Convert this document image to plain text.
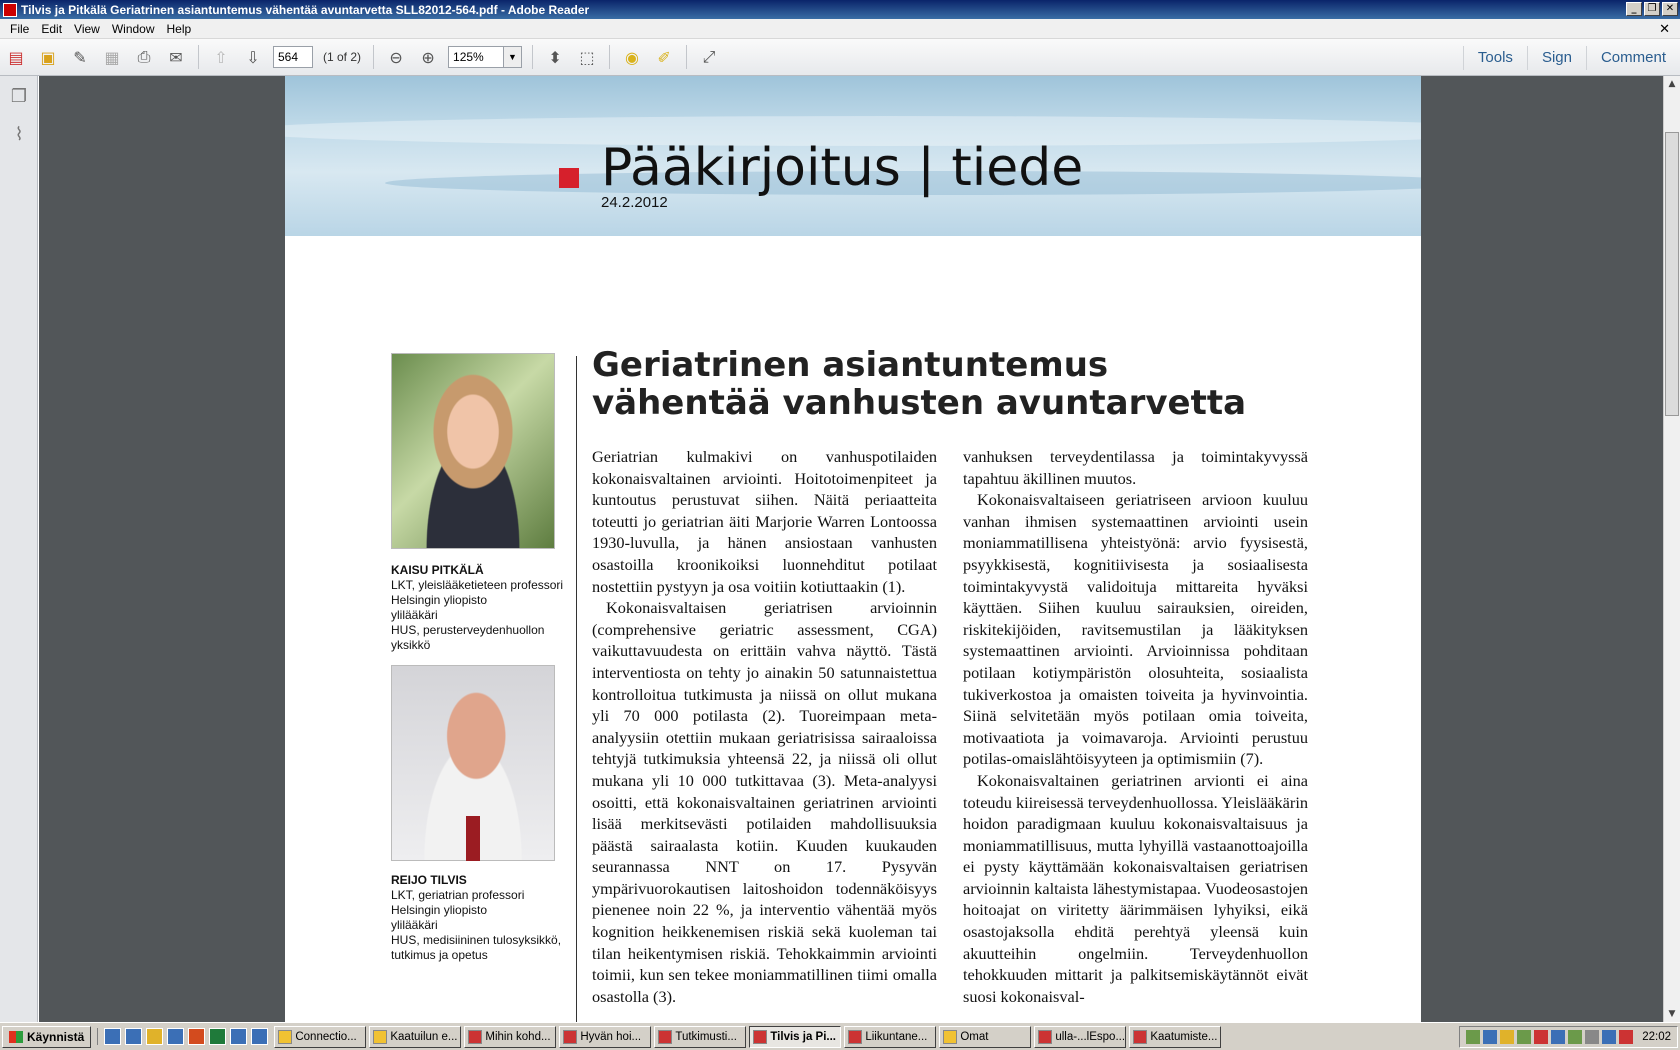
Tilvis ja Pitkälä Geriatrinen asiantuntemus vähentää avuntarvetta SLL82012-564.pdf - Adobe Reader	_	❐ ✕
File	Edit	View	Window	Help	✕
▤	▣	✎	▦	⎙	✉	⇧	⇩
564	(1 of 2)	⊖	⊕	125%	▼	⬍	⬚	◉	✐	⤢	Tools	Sign	Comment
❐
⌇
Pääkirjoitus | tiede
24.2.2012
KAISU PITKÄLÄ
LKT, yleislääketieteen professori
Helsingin yliopisto
ylilääkäri
HUS, perusterveydenhuollon yksikkö
REIJO TILVIS
LKT, geriatrian professori
Helsingin yliopisto
ylilääkäri
HUS, medisiininen tulosyksikkö, tutkimus ja opetus
Geriatrinen asiantuntemus vähentää vanhusten avuntarvetta

Geriatrian kulmakivi on vanhuspotilaiden kokonaisvaltainen arviointi. Hoitotoimenpiteet ja kuntoutus perustuvat siihen. Näitä periaatteita toteutti jo geriatrian äiti Marjorie Warren Lontoossa 1930-luvulla, ja hänen ansiostaan vanhusten osastoilla kroonikoiksi luonnehditut potilaat nostettiin pystyyn ja osa voitiin kotiuttaakin (1).

Kokonaisvaltaisen geriatrisen arvioinnin (comprehensive geriatric assessment, CGA) vaikuttavuudesta on erittäin vahva näyttö. Tästä interventiosta on tehty jo ainakin 50 satunnaistettua kontrolloitua tutkimusta ja niissä on ollut mukana yli 70 000 potilasta (2). Tuoreimpaan meta-analyysiin otettiin mukaan geriatrisissa sairaaloissa tehtyjä tutkimuksia yhteensä 22, ja niissä oli ollut mukana yli 10 000 tutkittavaa (3). Meta-analyysi osoitti, että kokonaisvaltainen geriatrinen arviointi lisää merkitsevästi potilaiden mahdollisuuksia päästä sairaalasta kotiin. Kuuden kuukauden seurannassa NNT on 17. Pysyvän ympärivuorokautisen laitoshoidon todennäköisyys pienenee noin 22 %, ja interventio vähentää myös kognition heikkenemisen riskiä sekä kuoleman tai tilan heikentymisen riskiä. Tehokkaimmin arviointi toimii, kun sen tekee moniammatillinen tiimi omalla osastolla (3).

vanhuksen terveydentilassa ja toimintakyvyssä tapahtuu äkillinen muutos.

Kokonaisvaltaiseen geriatriseen arvioon kuuluu vanhan ihmisen systemaattinen arviointi usein moniammatillisena yhteistyönä: arvio fyysisestä, psyykkisestä, kognitiivisesta ja sosiaalisesta toimintakyvystä validoituja mittareita hyväksi käyttäen. Siihen kuuluu sairauksien, oireiden, riskitekijöiden, ravitsemustilan ja lääkityksen systemaattinen arviointi. Arvioinnissa pohditaan potilaan kotiympäristön olosuhteita, sosiaalista tukiverkostoa ja omaisten toiveita ja hyvinvointia. Siinä selvitetään myös potilaan omia toiveita, motivaatiota ja voimavaroja. Arviointi perustuu potilas-omaislähtöisyyteen ja optimismiin (7).

Kokonaisvaltainen geriatrinen arvionti ei aina toteudu kiireisessä terveydenhuollossa. Yleislääkärin hoidon paradigmaan kuuluu kokonaisvaltaisuus ja moniammatillisuus, mutta lyhyillä vastaanottoajoilla ei pysty käyttämään kokonaisvaltaisen geriatrisen arvioinnin kaltaista lähestymistapaa. Vuodeosastojen hoitoajat on viritetty äärimmäisen lyhyiksi, eikä osastojaksolla ehditä perehtyä yleensä kuin akuutteihin ongelmiin. Terveydenhuollon tehokkuuden mittarit ja palkitsemiskäytännöt eivät suosi kokonaisval-

▲
▼
Käynnistä	Connectio...	Kaatuilun e... Mihin kohd...	Hyvän hoi...	Tutkimusti...	Tilvis ja Pi...	Liikuntane...	Omat	ulla-...lEspo... Kaatumiste...	22:02
